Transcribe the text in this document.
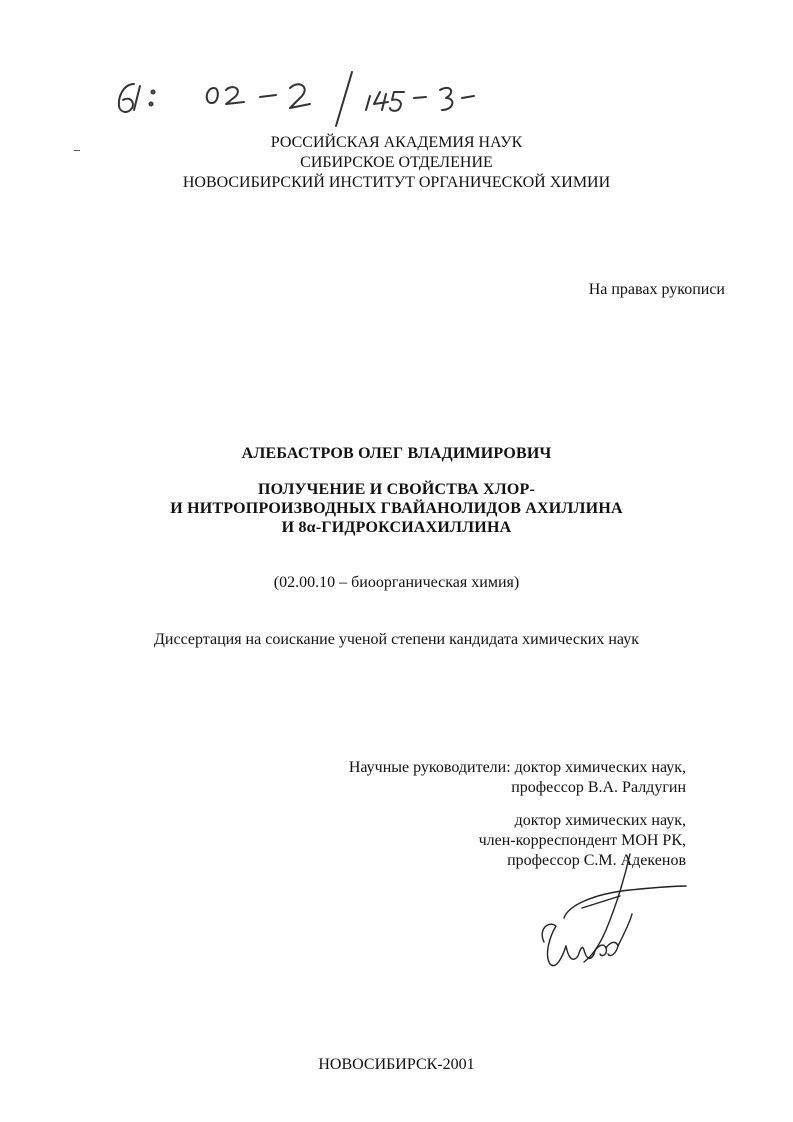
РОССИЙСКАЯ АКАДЕМИЯ НАУК
СИБИРСКОЕ ОТДЕЛЕНИЕ
НОВОСИБИРСКИЙ ИНСТИТУТ ОРГАНИЧЕСКОЙ ХИМИИ
На правах рукописи
АЛЕБАСТРОВ ОЛЕГ ВЛАДИМИРОВИЧ
ПОЛУЧЕНИЕ И СВОЙСТВА ХЛОР-
И НИТРОПРОИЗВОДНЫХ ГВАЙАНОЛИДОВ АХИЛЛИНА
И 8α-ГИДРОКСИАХИЛЛИНА
(02.00.10 – биоорганическая химия)
Диссертация на соискание ученой степени кандидата химических наук
Научные руководители: доктор химических наук,
профессор В.А. Ралдугин
доктор химических наук,
член-корреспондент МОН РК,
профессор С.М. Адекенов
НОВОСИБИРСК-2001
